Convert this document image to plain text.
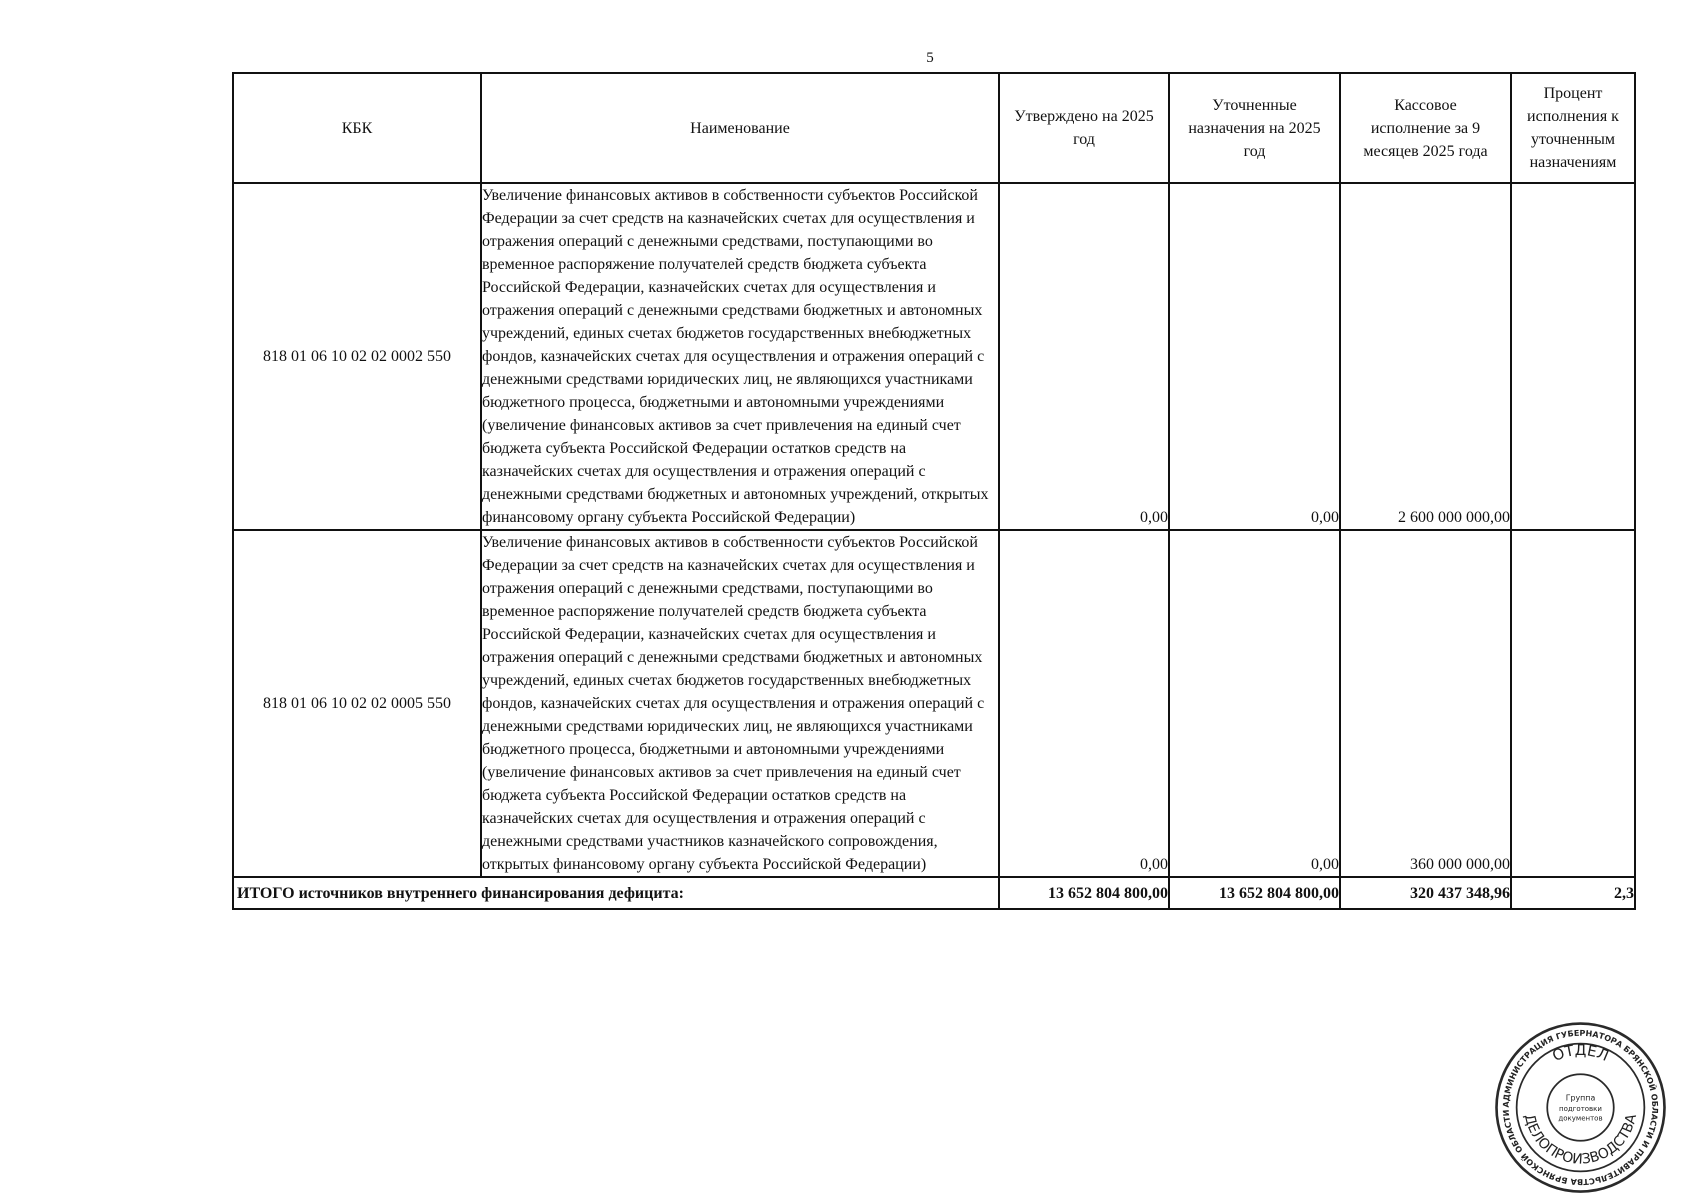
5
КБК	Наименование	Утверждено на 2025 год	Уточненные назначения на 2025 год	Кассовое исполнение за 9 месяцев 2025 года	Процент исполнения к уточненным назначениям

818 01 06 10 02 02 0002 550	Увеличение финансовых активов в собственности субъектов Российской Федерации за счет средств на казначейских счетах для осуществления и отражения операций с денежными средствами, поступающими во временное распоряжение получателей средств бюджета субъекта Российской Федерации, казначейских счетах для осуществления и отражения операций с денежными средствами бюджетных и автономных учреждений, единых счетах бюджетов государственных внебюджетных фондов, казначейских счетах для осуществления и отражения операций с денежными средствами юридических лиц, не являющихся участниками бюджетного процесса, бюджетными и автономными учреждениями (увеличение финансовых активов за счет привлечения на единый счет бюджета субъекта Российской Федерации остатков средств на казначейских счетах для осуществления и отражения операций с денежными средствами бюджетных и автономных учреждений, открытых финансовому органу субъекта Российской Федерации)	0,00	0,00	2 600 000 000,00	
818 01 06 10 02 02 0005 550	Увеличение финансовых активов в собственности субъектов Российской Федерации за счет средств на казначейских счетах для осуществления и отражения операций с денежными средствами, поступающими во временное распоряжение получателей средств бюджета субъекта Российской Федерации, казначейских счетах для осуществления и отражения операций с денежными средствами бюджетных и автономных учреждений, единых счетах бюджетов государственных внебюджетных фондов, казначейских счетах для осуществления и отражения операций с денежными средствами юридических лиц, не являющихся участниками бюджетного процесса, бюджетными и автономными учреждениями (увеличение финансовых активов за счет привлечения на единый счет бюджета субъекта Российской Федерации остатков средств на казначейских счетах для осуществления и отражения операций с денежными средствами участников казначейского сопровождения, открытых финансовому органу субъекта Российской Федерации)	0,00	0,00	360 000 000,00	
ИТОГО источников внутреннего финансирования дефицита:		13 652 804 800,00	13 652 804 800,00	320 437 348,96	2,3
АДМИНИСТРАЦИЯ ГУБЕРНАТОРА БРЯНСКОЙ ОБЛАСТИ И ПРАВИТЕЛЬСТВА БРЯНСКОЙ ОБЛАСТИ
ОТДЕЛ
ДЕЛОПРОИЗВОДСТВА
Группа
подготовки
документов
